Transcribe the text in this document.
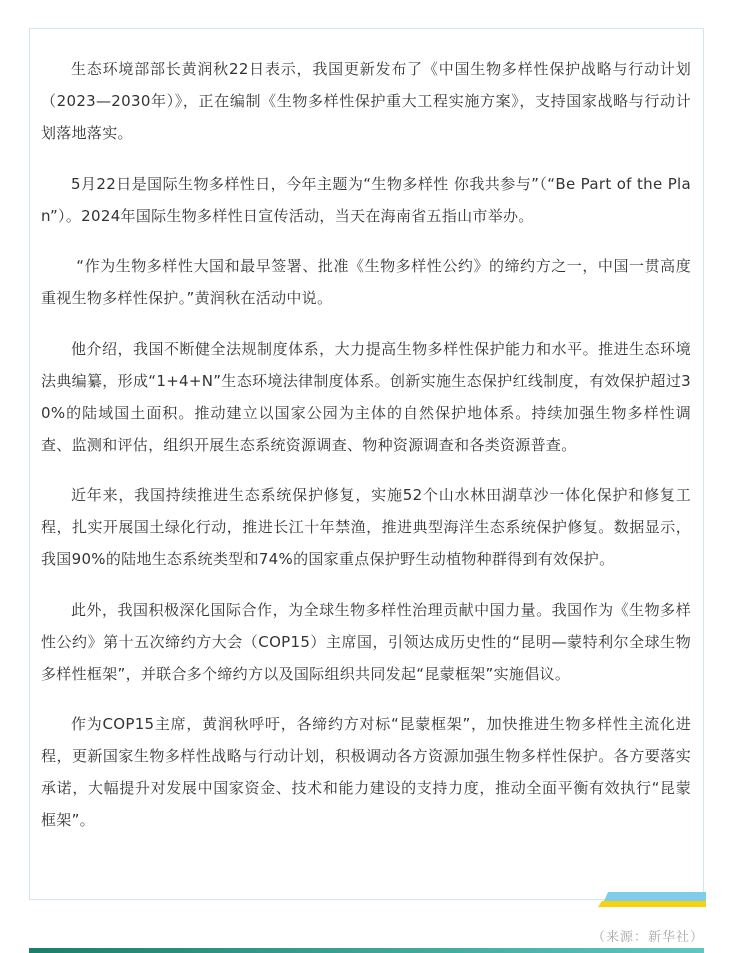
生态环境部部长黄润秋22日表示，我国更新发布了《中国生物多样性保护战略与行动计划（2023—2030年）》，正在编制《生物多样性保护重大工程实施方案》，支持国家战略与行动计划落地落实。

5月22日是国际生物多样性日，今年主题为“生物多样性 你我共参与”（“Be Part of the Plan”）。2024年国际生物多样性日宣传活动，当天在海南省五指山市举办。

“作为生物多样性大国和最早签署、批准《生物多样性公约》的缔约方之一，中国一贯高度重视生物多样性保护。”黄润秋在活动中说。

他介绍，我国不断健全法规制度体系，大力提高生物多样性保护能力和水平。推进生态环境法典编纂，形成“1+4+N”生态环境法律制度体系。创新实施生态保护红线制度，有效保护超过30%的陆域国土面积。推动建立以国家公园为主体的自然保护地体系。持续加强生物多样性调查、监测和评估，组织开展生态系统资源调查、物种资源调查和各类资源普查。

近年来，我国持续推进生态系统保护修复，实施52个山水林田湖草沙一体化保护和修复工程，扎实开展国土绿化行动，推进长江十年禁渔，推进典型海洋生态系统保护修复。数据显示，我国90%的陆地生态系统类型和74%的国家重点保护野生动植物种群得到有效保护。

此外，我国积极深化国际合作，为全球生物多样性治理贡献中国力量。我国作为《生物多样性公约》第十五次缔约方大会（COP15）主席国，引领达成历史性的“昆明—蒙特利尔全球生物多样性框架”，并联合多个缔约方以及国际组织共同发起“昆蒙框架”实施倡议。

作为COP15主席，黄润秋呼吁，各缔约方对标“昆蒙框架”，加快推进生物多样性主流化进程，更新国家生物多样性战略与行动计划，积极调动各方资源加强生物多样性保护。各方要落实承诺，大幅提升对发展中国家资金、技术和能力建设的支持力度，推动全面平衡有效执行“昆蒙框架”。

（来源：新华社）
